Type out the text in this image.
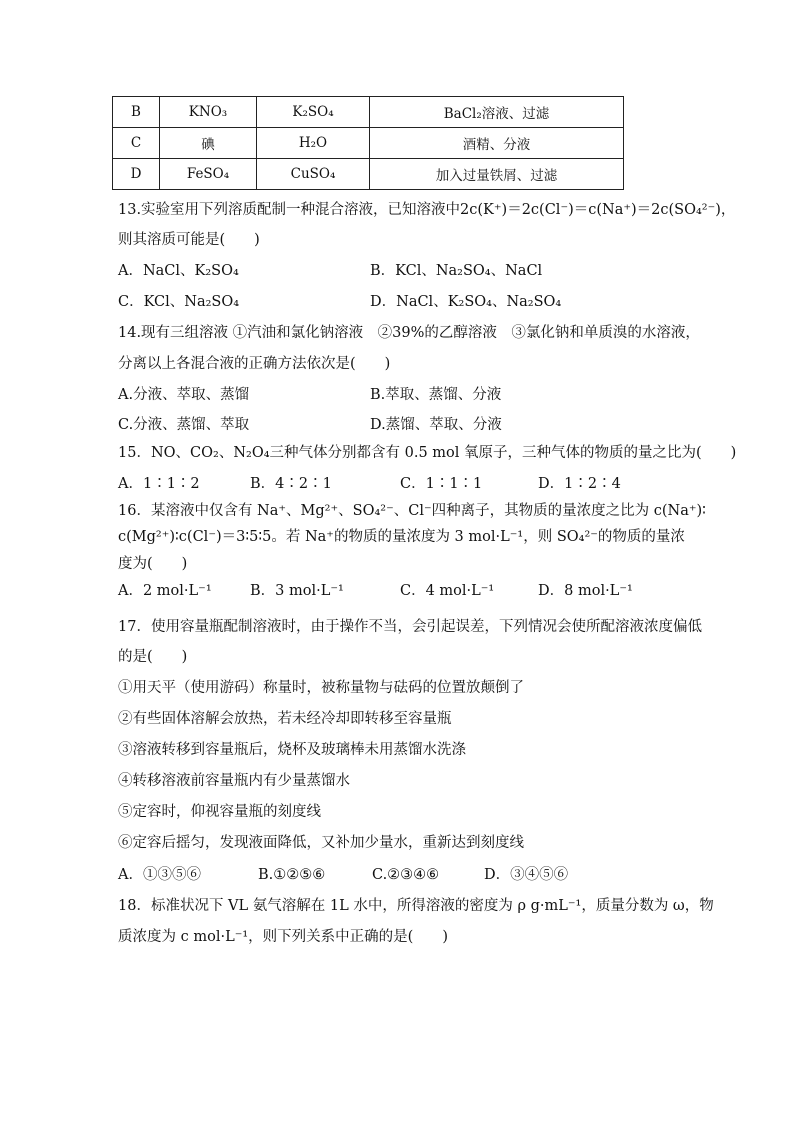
B	KNO₃	K₂SO₄	BaCl₂溶液、过滤
C	碘	H₂O	酒精、分液
D	FeSO₄	CuSO₄	加入过量铁屑、过滤
13.实验室用下列溶质配制一种混合溶液，已知溶液中2c(K⁺)＝2c(Cl⁻)＝c(Na⁺)＝2c(SO₄²⁻)，
则其溶质可能是(　　)
A．NaCl、K₂SO₄	B．KCl、Na₂SO₄、NaCl
C．KCl、Na₂SO₄	D．NaCl、K₂SO₄、Na₂SO₄
14.现有三组溶液 ①汽油和氯化钠溶液　②39%的乙醇溶液　③氯化钠和单质溴的水溶液，
分离以上各混合液的正确方法依次是(　　)
A.分液、萃取、蒸馏	B.萃取、蒸馏、分液
C.分液、蒸馏、萃取	D.蒸馏、萃取、分液
15．NO、CO₂、N₂O₄三种气体分别都含有 0.5 mol 氧原子，三种气体的物质的量之比为(　　)
A．1∶1∶2	B．4∶2∶1	C．1∶1∶1	D．1∶2∶4
16．某溶液中仅含有 Na⁺、Mg²⁺、SO₄²⁻、Cl⁻四种离子，其物质的量浓度之比为 c(Na⁺)∶
c(Mg²⁺)∶c(Cl⁻)＝3∶5∶5。若 Na⁺的物质的量浓度为 3 mol·L⁻¹，则 SO₄²⁻的物质的量浓
度为(　　)
A．2 mol·L⁻¹	B．3 mol·L⁻¹	C．4 mol·L⁻¹	D．8 mol·L⁻¹
17．使用容量瓶配制溶液时，由于操作不当，会引起误差，下列情况会使所配溶液浓度偏低
的是(　　)
①用天平（使用游码）称量时，被称量物与砝码的位置放颠倒了
②有些固体溶解会放热，若未经冷却即转移至容量瓶
③溶液转移到容量瓶后，烧杯及玻璃棒未用蒸馏水洗涤
④转移溶液前容量瓶内有少量蒸馏水
⑤定容时，仰视容量瓶的刻度线
⑥定容后摇匀，发现液面降低，又补加少量水，重新达到刻度线
A．①③⑤⑥	B.①②⑤⑥	C.②③④⑥	D．③④⑤⑥
18．标准状况下 VL 氨气溶解在 1L 水中，所得溶液的密度为 ρ g·mL⁻¹，质量分数为 ω，物
质浓度为 c mol·L⁻¹，则下列关系中正确的是(　　)
